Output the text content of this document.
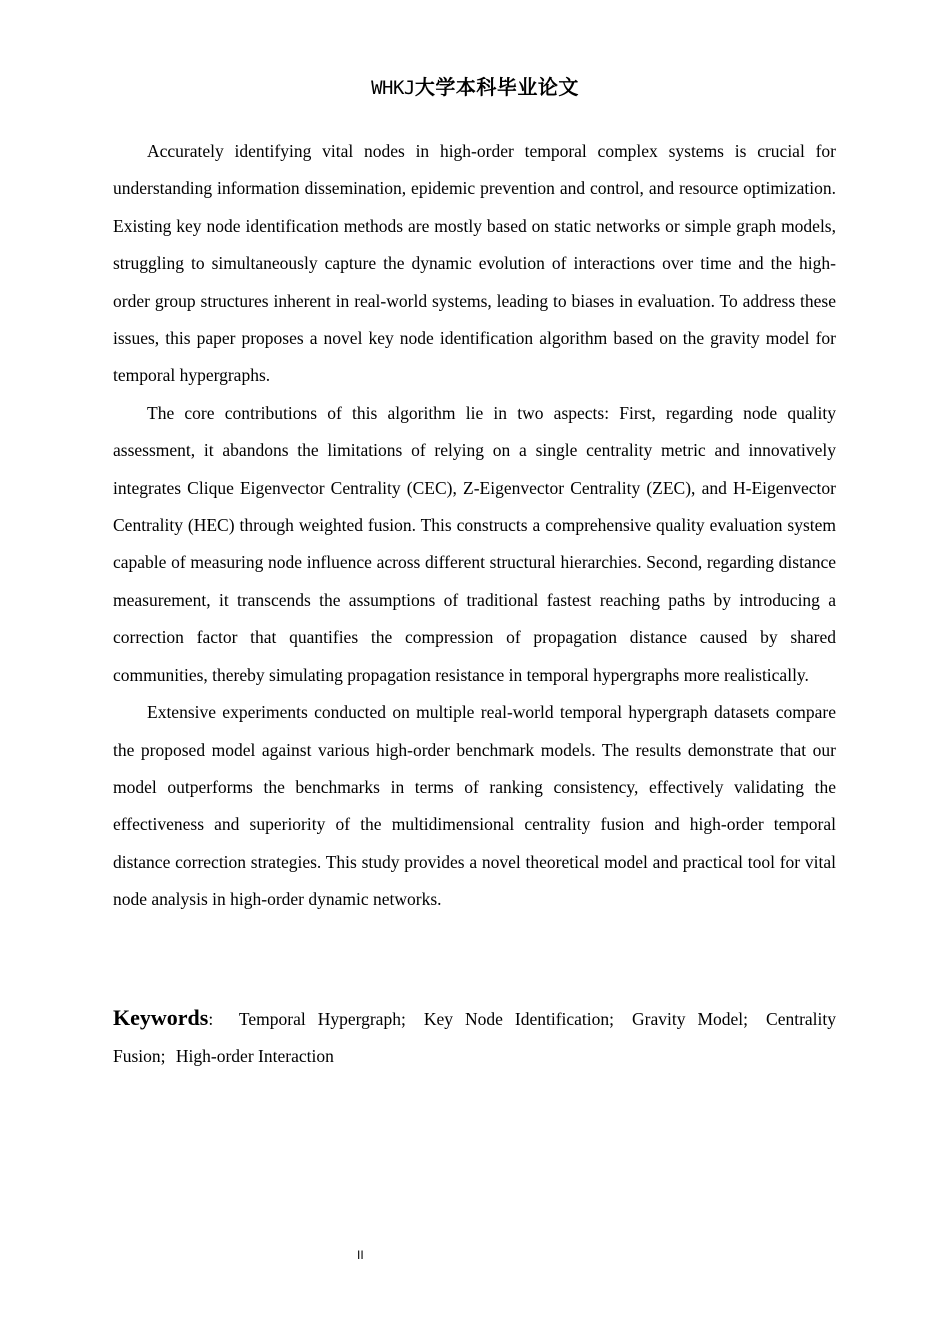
WHKJ大学本科毕业论文

Accurately identifying vital nodes in high-order temporal complex systems is crucial for understanding information dissemination, epidemic prevention and control, and resource optimization. Existing key node identification methods are mostly based on static networks or simple graph models, struggling to simultaneously capture the dynamic evolution of interactions over time and the high-order group structures inherent in real-world systems, leading to biases in evaluation. To address these issues, this paper proposes a novel key node identification algorithm based on the gravity model for temporal hypergraphs.

The core contributions of this algorithm lie in two aspects: First, regarding node quality assessment, it abandons the limitations of relying on a single centrality metric and innovatively integrates Clique Eigenvector Centrality (CEC), Z-Eigenvector Centrality (ZEC), and H-Eigenvector Centrality (HEC) through weighted fusion. This constructs a comprehensive quality evaluation system capable of measuring node influence across different structural hierarchies. Second, regarding distance measurement, it transcends the assumptions of traditional fastest reaching paths by introducing a correction factor that quantifies the compression of propagation distance caused by shared communities, thereby simulating propagation resistance in temporal hypergraphs more realistically.

Extensive experiments conducted on multiple real-world temporal hypergraph datasets compare the proposed model against various high-order benchmark models. The results demonstrate that our model outperforms the benchmarks in terms of ranking consistency, effectively validating the effectiveness and superiority of the multidimensional centrality fusion and high-order temporal distance correction strategies. This study provides a novel theoretical model and practical tool for vital node analysis in high-order dynamic networks.

Keywords: Temporal Hypergraph; Key Node Identification; Gravity Model; Centrality Fusion; High-order Interaction
II
